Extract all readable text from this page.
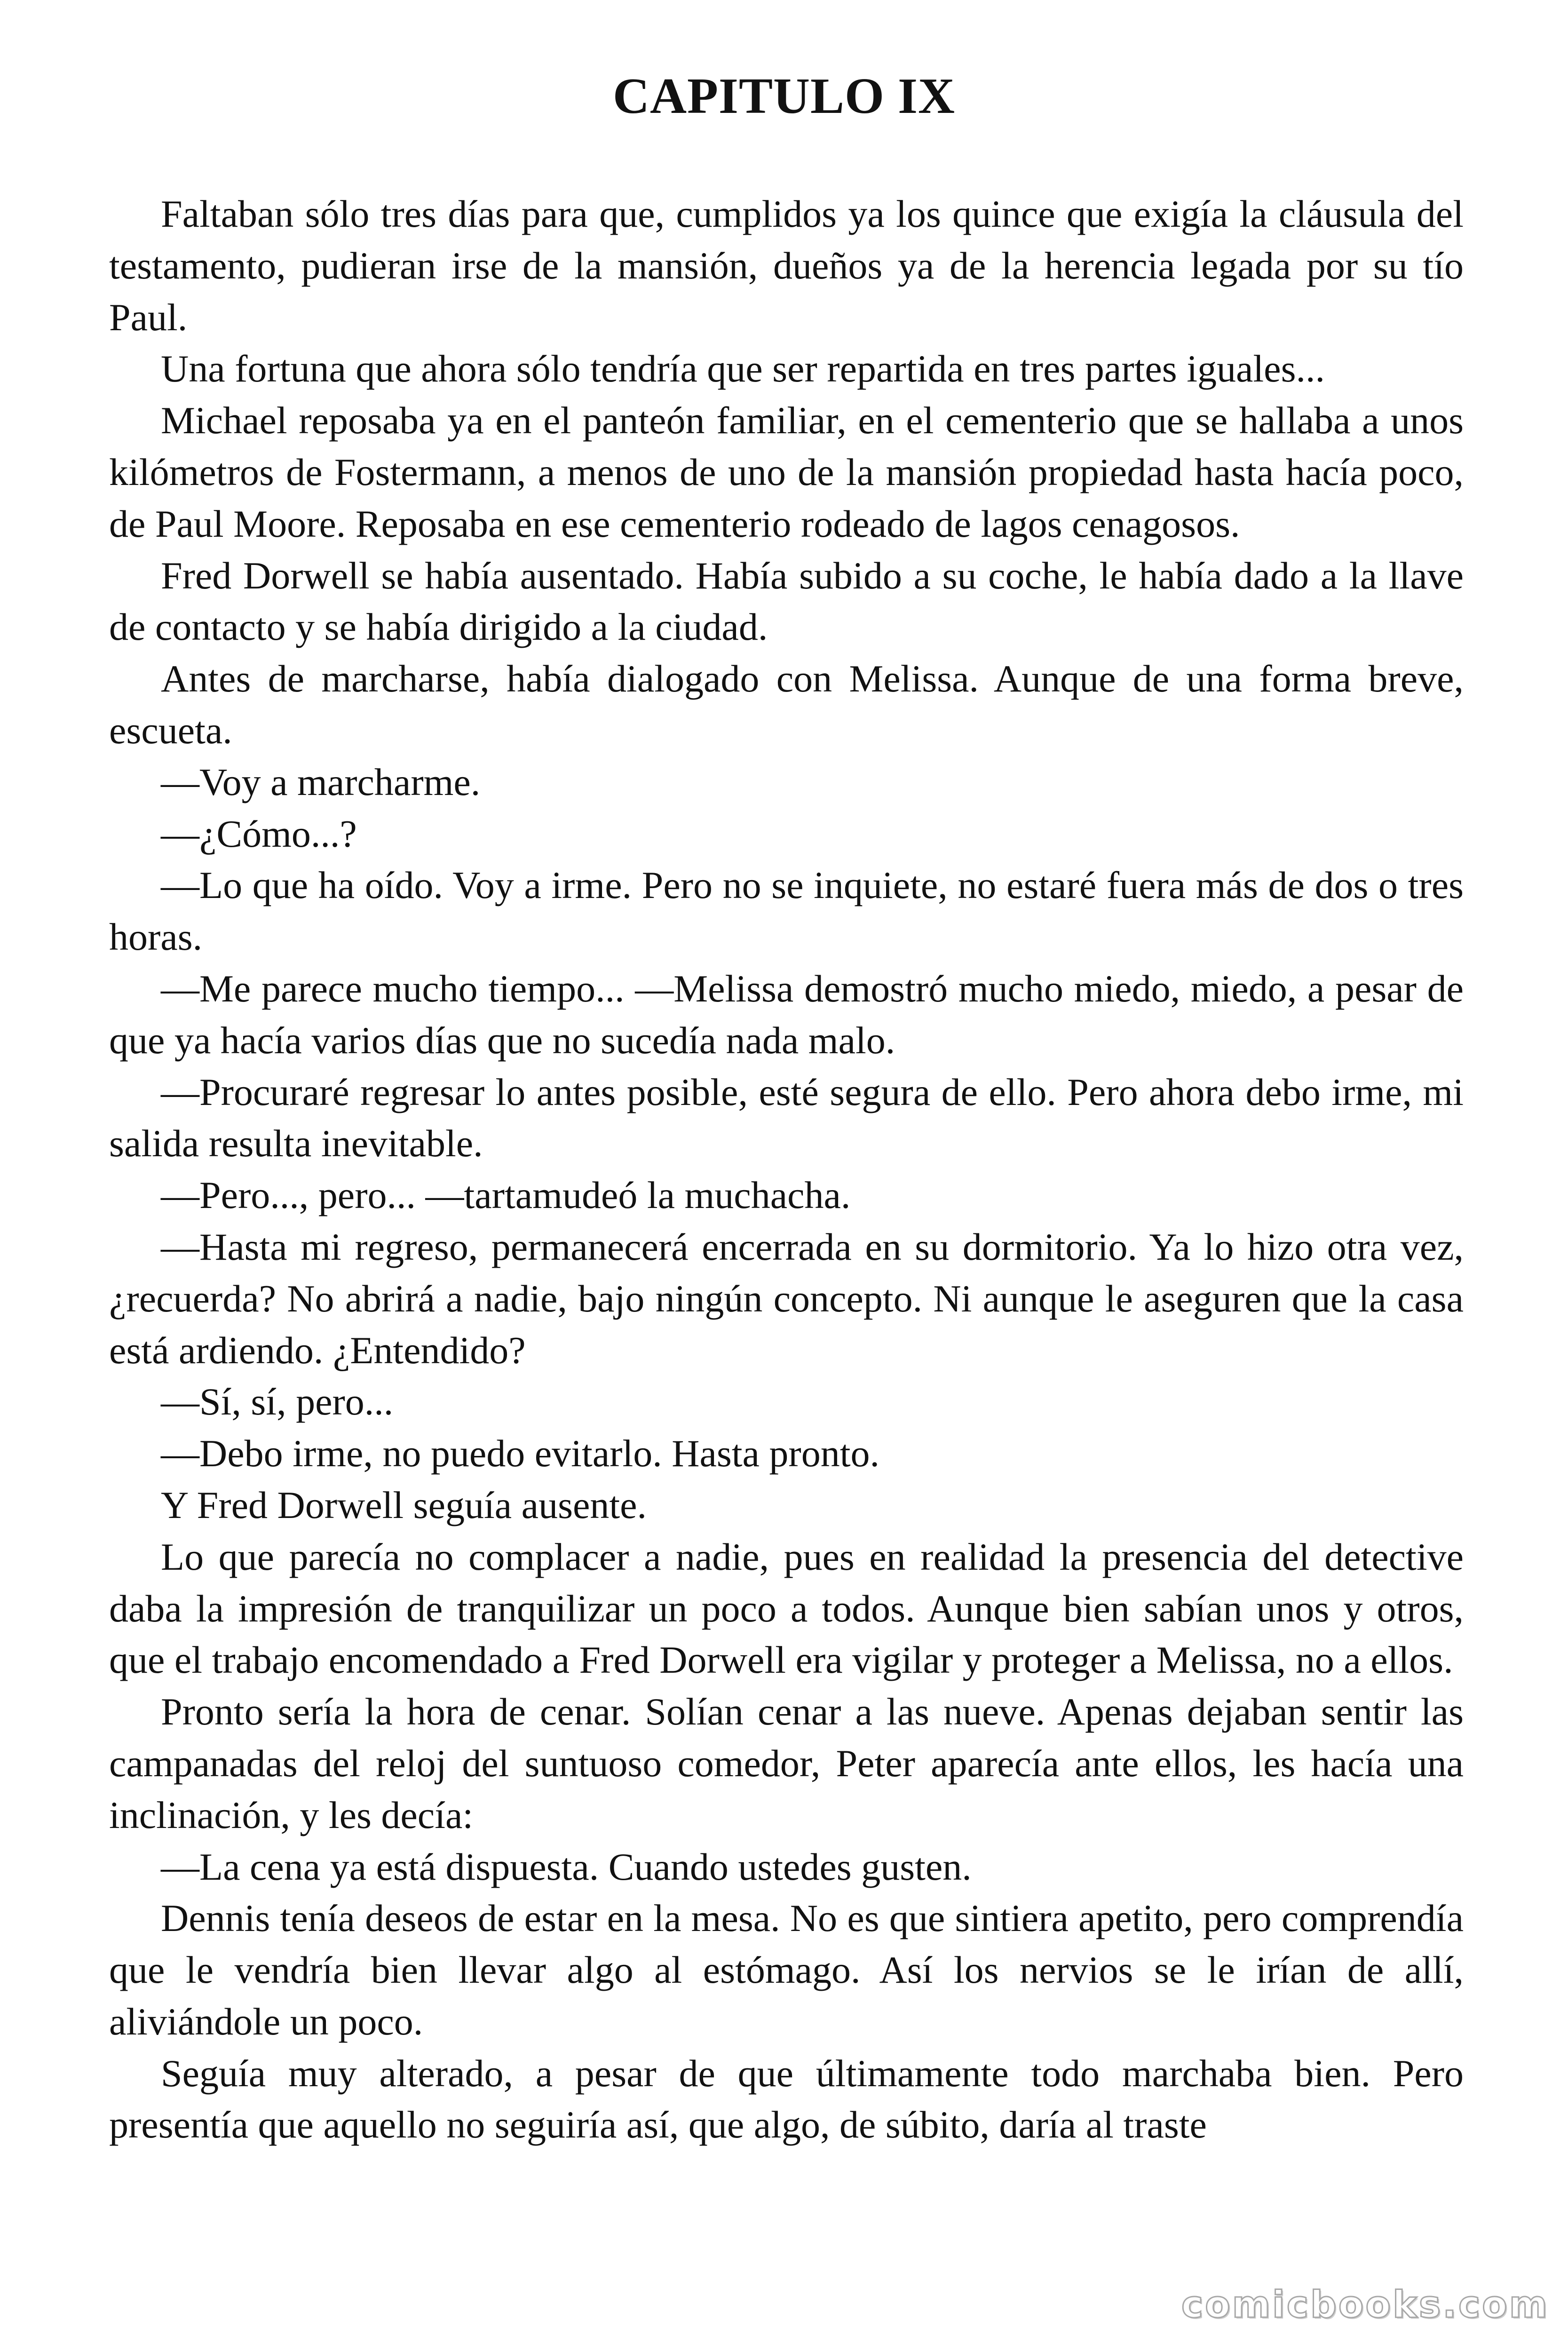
CAPITULO IX

Faltaban sólo tres días para que, cumplidos ya los quince que exigía la cláusula del testamento, pudieran irse de la mansión, dueños ya de la herencia legada por su tío Paul.

Una fortuna que ahora sólo tendría que ser repartida en tres partes iguales...

Michael reposaba ya en el panteón familiar, en el cementerio que se hallaba a unos kilómetros de Fostermann, a menos de uno de la mansión propiedad hasta hacía poco, de Paul Moore. Reposaba en ese cementerio rodeado de lagos cenagosos.

Fred Dorwell se había ausentado. Había subido a su coche, le había dado a la llave de contacto y se había dirigido a la ciudad.

Antes de marcharse, había dialogado con Melissa. Aunque de una forma breve, escueta.

—Voy a marcharme.

—¿Cómo...?

—Lo que ha oído. Voy a irme. Pero no se inquiete, no estaré fuera más de dos o tres horas.

—Me parece mucho tiempo... —Melissa demostró mucho miedo, miedo, a pesar de que ya hacía varios días que no sucedía nada malo.

—Procuraré regresar lo antes posible, esté segura de ello. Pero ahora debo irme, mi salida resulta inevitable.

—Pero..., pero... —tartamudeó la muchacha.

—Hasta mi regreso, permanecerá encerrada en su dormitorio. Ya lo hizo otra vez, ¿recuerda? No abrirá a nadie, bajo ningún concepto. Ni aunque le aseguren que la casa está ardiendo. ¿Entendido?

—Sí, sí, pero...

—Debo irme, no puedo evitarlo. Hasta pronto.

Y Fred Dorwell seguía ausente.

Lo que parecía no complacer a nadie, pues en realidad la presencia del detective daba la impresión de tranquilizar un poco a todos. Aunque bien sabían unos y otros, que el trabajo encomendado a Fred Dorwell era vigilar y proteger a Melissa, no a ellos.

Pronto sería la hora de cenar. Solían cenar a las nueve. Apenas dejaban sentir las campanadas del reloj del suntuoso comedor, Peter aparecía ante ellos, les hacía una inclinación, y les decía:

—La cena ya está dispuesta. Cuando ustedes gusten.

Dennis tenía deseos de estar en la mesa. No es que sintiera apetito, pero comprendía que le vendría bien llevar algo al estómago. Así los nervios se le irían de allí, aliviándole un poco.

Seguía muy alterado, a pesar de que últimamente todo marchaba bien. Pero presentía que aquello no seguiría así, que algo, de súbito, daría al traste

comicbooks.com
